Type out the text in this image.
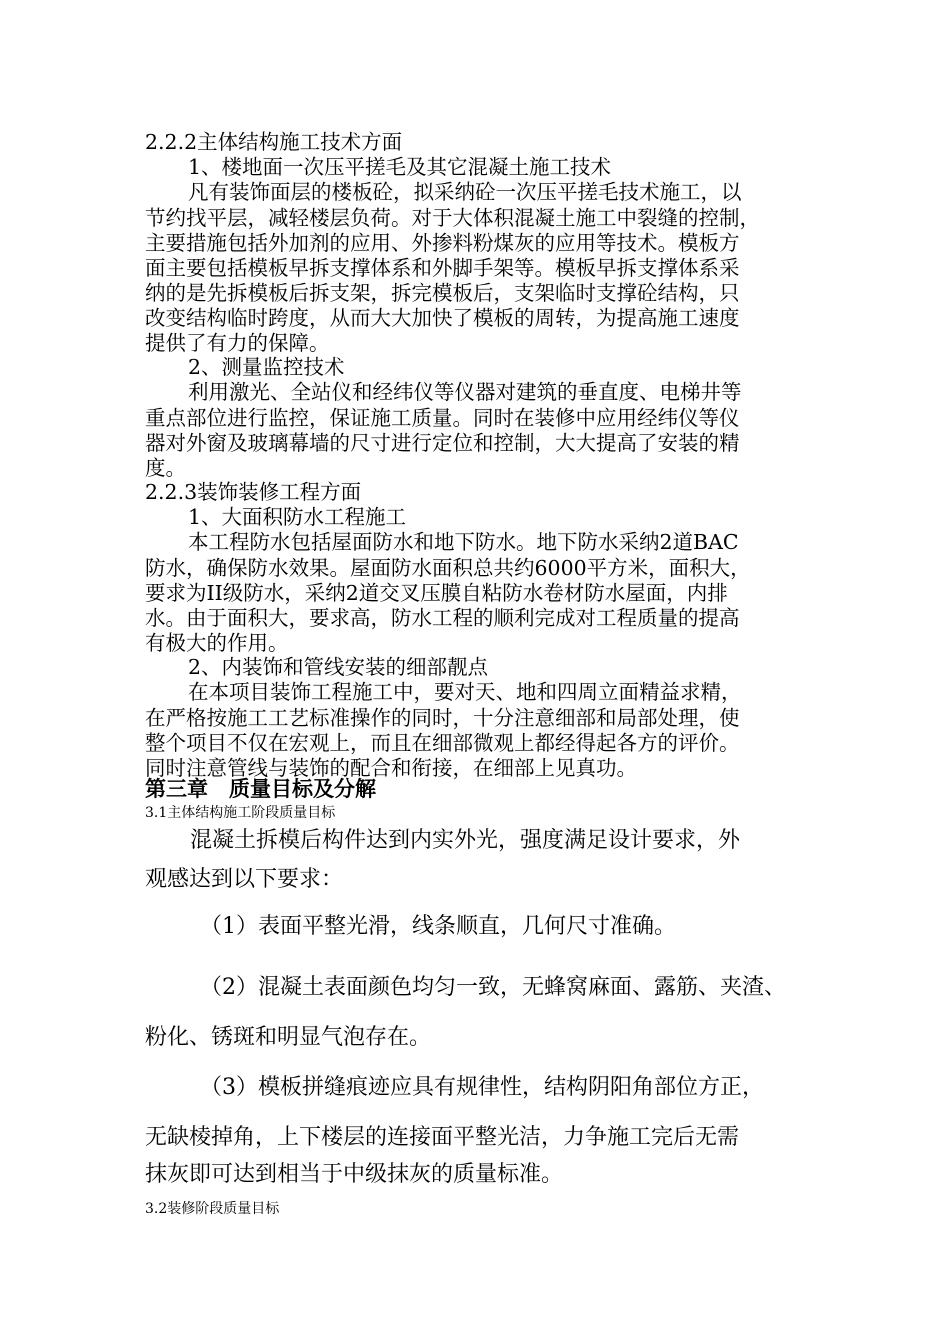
2.2.2主体结构施工技术方面
1、楼地面一次压平搓毛及其它混凝土施工技术
凡有装饰面层的楼板砼，拟采纳砼一次压平搓毛技术施工，以
节约找平层，减轻楼层负荷。对于大体积混凝土施工中裂缝的控制，
主要措施包括外加剂的应用、外掺料粉煤灰的应用等技术。模板方
面主要包括模板早拆支撑体系和外脚手架等。模板早拆支撑体系采
纳的是先拆模板后拆支架，拆完模板后，支架临时支撑砼结构，只
改变结构临时跨度，从而大大加快了模板的周转，为提高施工速度
提供了有力的保障。
2、测量监控技术
利用激光、全站仪和经纬仪等仪器对建筑的垂直度、电梯井等
重点部位进行监控，保证施工质量。同时在装修中应用经纬仪等仪
器对外窗及玻璃幕墙的尺寸进行定位和控制，大大提高了安装的精
度。
2.2.3装饰装修工程方面
1、大面积防水工程施工
本工程防水包括屋面防水和地下防水。地下防水采纳2道BAC
防水，确保防水效果。屋面防水面积总共约6000平方米，面积大，
要求为II级防水，采纳2道交叉压膜自粘防水卷材防水屋面，内排
水。由于面积大，要求高，防水工程的顺利完成对工程质量的提高
有极大的作用。
2、内装饰和管线安装的细部靓点
在本项目装饰工程施工中，要对天、地和四周立面精益求精，
在严格按施工工艺标准操作的同时，十分注意细部和局部处理，使
整个项目不仅在宏观上，而且在细部微观上都经得起各方的评价。
同时注意管线与装饰的配合和衔接，在细部上见真功。
第三章　质量目标及分解
3.1主体结构施工阶段质量目标
混凝土拆模后构件达到内实外光，强度满足设计要求，外
观感达到以下要求：
（1）表面平整光滑，线条顺直，几何尺寸准确。
（2）混凝土表面颜色均匀一致，无蜂窝麻面、露筋、夹渣、
粉化、锈斑和明显气泡存在。
（3）模板拼缝痕迹应具有规律性，结构阴阳角部位方正，
无缺棱掉角，上下楼层的连接面平整光洁，力争施工完后无需
抹灰即可达到相当于中级抹灰的质量标准。
3.2装修阶段质量目标
